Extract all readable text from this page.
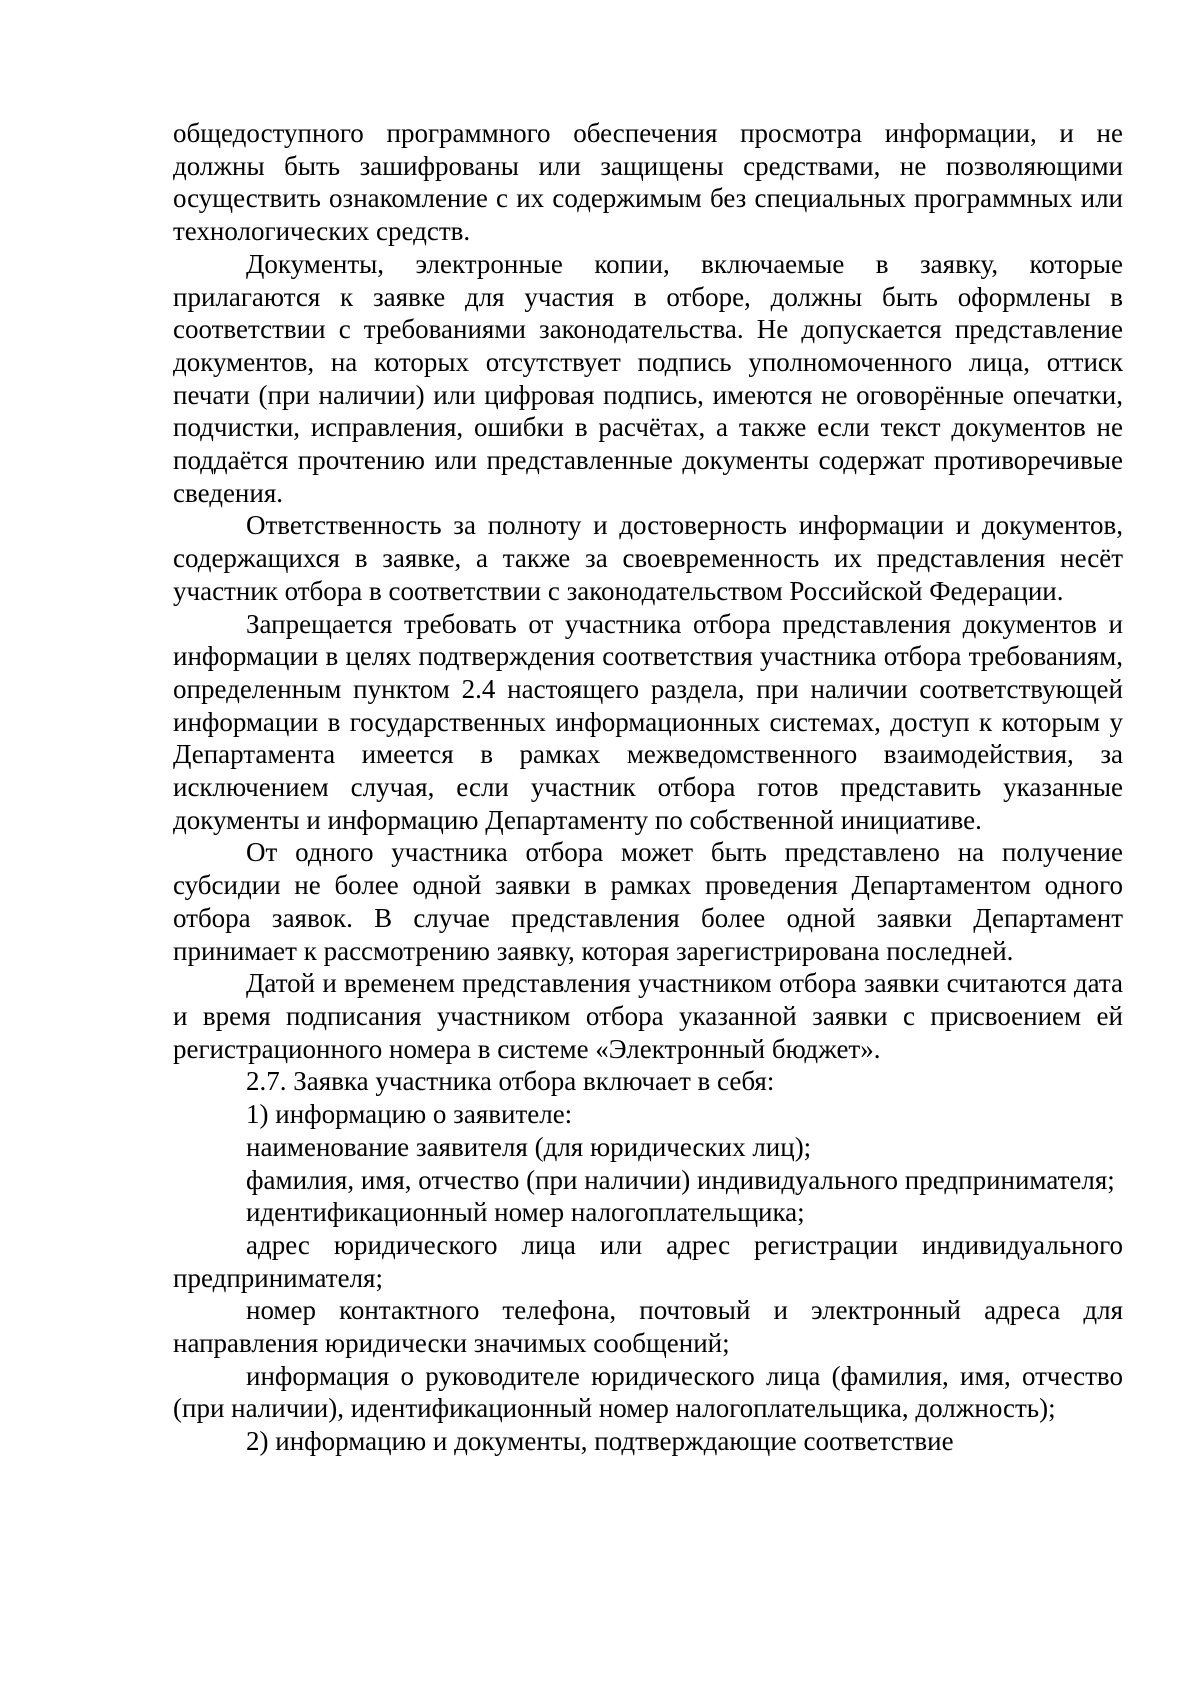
общедоступного программного обеспечения просмотра информации, и не должны быть зашифрованы или защищены средствами, не позволяющими осуществить ознакомление с их содержимым без специальных программных или технологических средств.

Документы, электронные копии, включаемые в заявку, которые прилагаются к заявке для участия в отборе, должны быть оформлены в соответствии с требованиями законодательства. Не допускается представление документов, на которых отсутствует подпись уполномоченного лица, оттиск печати (при наличии) или цифровая подпись, имеются не оговорённые опечатки, подчистки, исправления, ошибки в расчётах, а также если текст документов не поддаётся прочтению или представленные документы содержат противоречивые сведения.

Ответственность за полноту и достоверность информации и документов, содержащихся в заявке, а также за своевременность их представления несёт участник отбора в соответствии с законодательством Российской Федерации.

Запрещается требовать от участника отбора представления документов и информации в целях подтверждения соответствия участника отбора требованиям, определенным пунктом 2.4 настоящего раздела, при наличии соответствующей информации в государственных информационных системах, доступ к которым у Департамента имеется в рамках межведомственного взаимодействия, за исключением случая, если участник отбора готов представить указанные документы и информацию Департаменту по собственной инициативе.

От одного участника отбора может быть представлено на получение субсидии не более одной заявки в рамках проведения Департаментом одного отбора заявок. В случае представления более одной заявки Департамент принимает к рассмотрению заявку, которая зарегистрирована последней.

Датой и временем представления участником отбора заявки считаются дата и время подписания участником отбора указанной заявки с присвоением ей регистрационного номера в системе «Электронный бюджет».

2.7. Заявка участника отбора включает в себя:

1) информацию о заявителе:

наименование заявителя (для юридических лиц);

фамилия, имя, отчество (при наличии) индивидуального предпринимателя;

идентификационный номер налогоплательщика;

адрес юридического лица или адрес регистрации индивидуального предпринимателя;

номер контактного телефона, почтовый и электронный адреса для направления юридически значимых сообщений;

информация о руководителе юридического лица (фамилия, имя, отчество (при наличии), идентификационный номер налогоплательщика, должность);

2) информацию и документы, подтверждающие соответствие
